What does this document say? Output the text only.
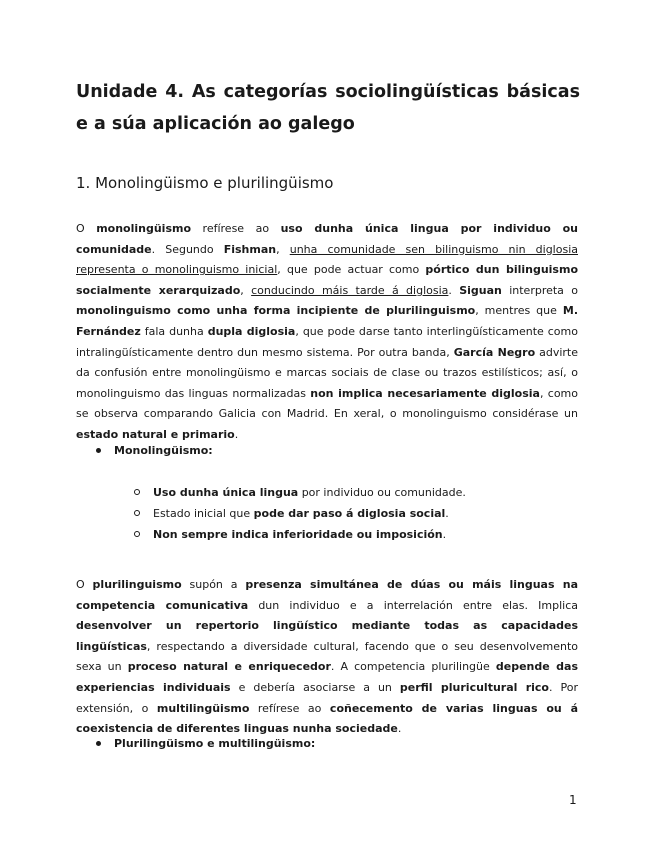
Unidade 4. As categorías sociolingüísticas básicas e a súa aplicación ao galego
1. Monolingüismo e plurilingüismo

O monolingüismo refírese ao uso dunha única lingua por individuo ou comunidade. Segundo Fishman, unha comunidade sen bilinguismo nin diglosia representa o monolinguismo inicial, que pode actuar como pórtico dun bilinguismo socialmente xerarquizado, conducindo máis tarde á diglosia. Siguan interpreta o monolinguismo como unha forma incipiente de plurilinguismo, mentres que M. Fernández fala dunha dupla diglosia, que pode darse tanto interlingüísticamente como intralingüísticamente dentro dun mesmo sistema. Por outra banda, García Negro advirte da confusión entre monolingüismo e marcas sociais de clase ou trazos estilísticos; así, o monolinguismo das linguas normalizadas non implica necesariamente diglosia, como se observa comparando Galicia con Madrid. En xeral, o monolinguismo considérase un estado natural e primario.

Monolingüismo:
Uso dunha única lingua por individuo ou comunidade.
Estado inicial que pode dar paso á diglosia social.
Non sempre indica inferioridade ou imposición.

O plurilinguismo supón a presenza simultánea de dúas ou máis linguas na competencia comunicativa dun individuo e a interrelación entre elas. Implica desenvolver un repertorio lingüístico mediante todas as capacidades lingüísticas, respectando a diversidade cultural, facendo que o seu desenvolvemento sexa un proceso natural e enriquecedor. A competencia plurilingüe depende das experiencias individuais e debería asociarse a un perfil pluricultural rico. Por extensión, o multilingüismo refírese ao coñecemento de varias linguas ou á coexistencia de diferentes linguas nunha sociedade.

Plurilingüismo e multilingüismo:

1
